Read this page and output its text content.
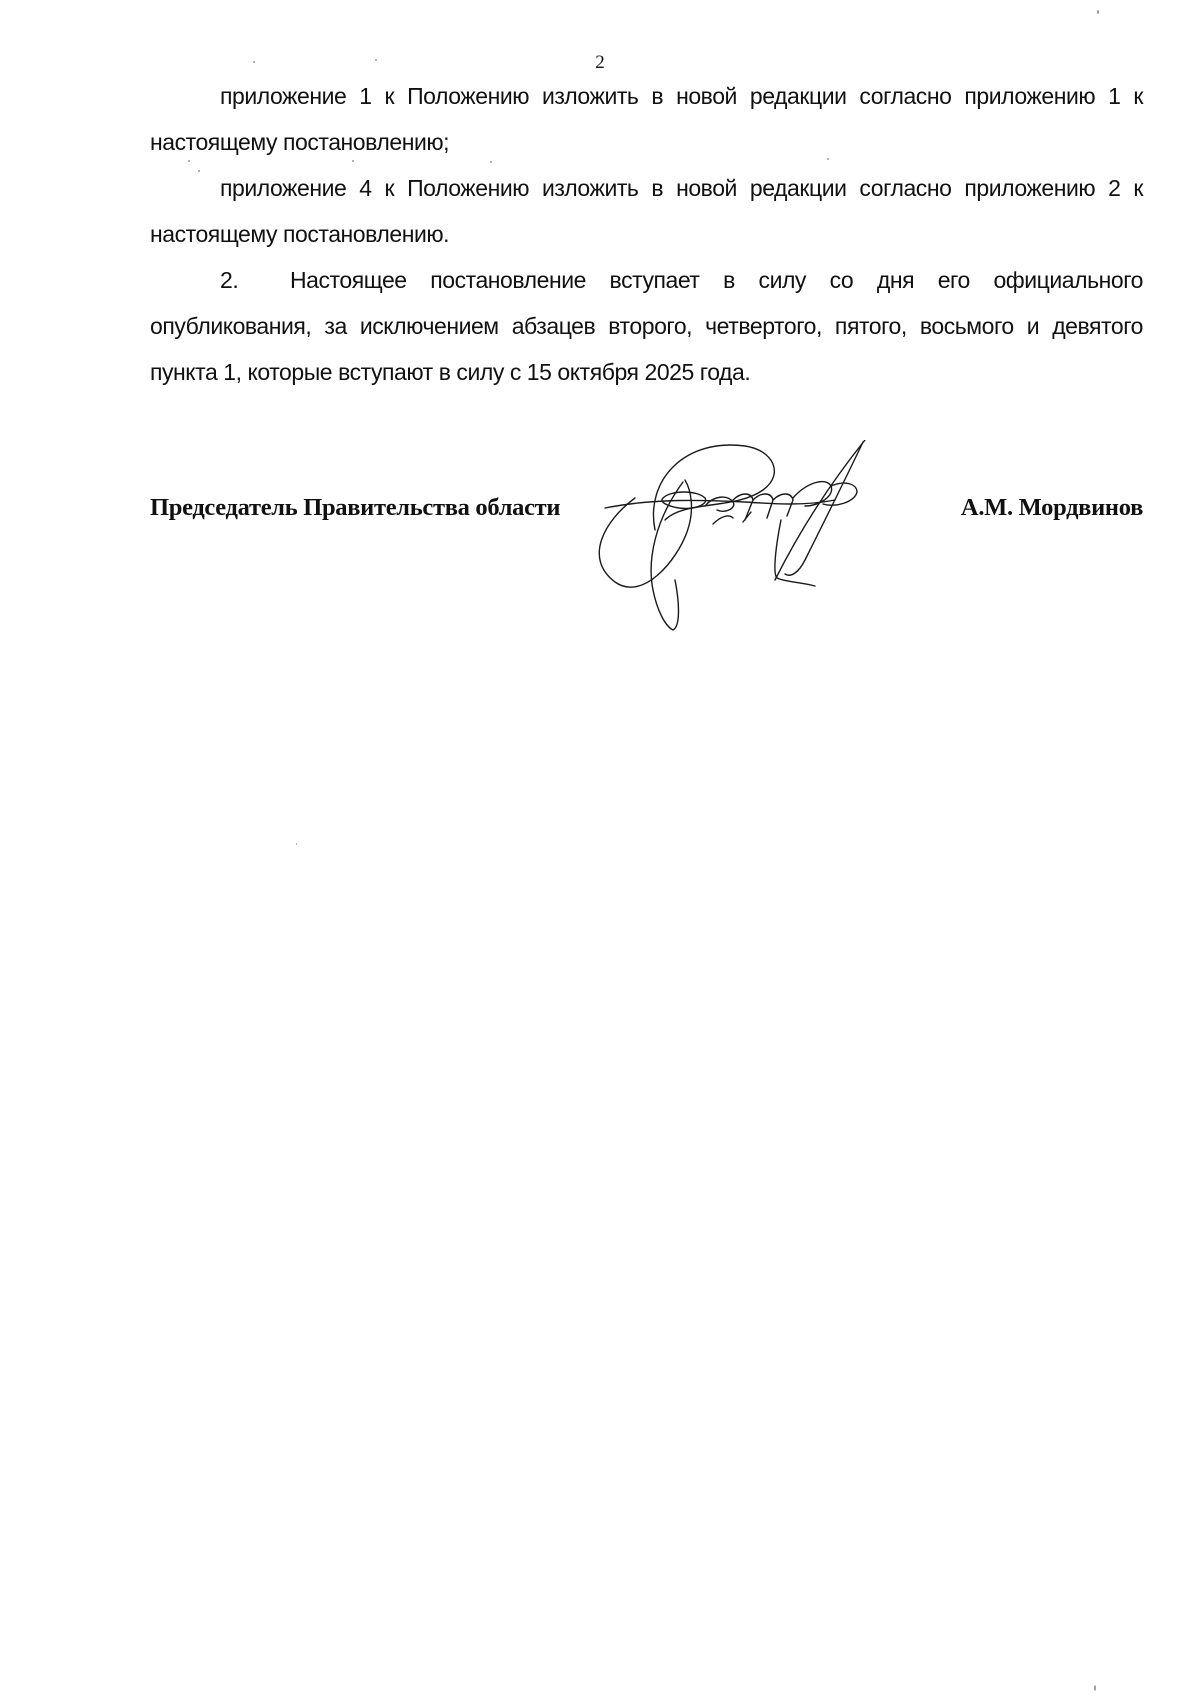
2

приложение 1 к Положению изложить в новой редакции согласно приложению 1 к настоящему постановлению;

приложение 4 к Положению изложить в новой редакции согласно приложению 2 к настоящему постановлению.

2. Настоящее постановление вступает в силу со дня его официального опубликования, за исключением абзацев второго, четвертого, пятого, восьмого и девятого пункта 1, которые вступают в силу с 15 октября 2025 года.

Председатель Правительства области	А.М. Мордвинов
